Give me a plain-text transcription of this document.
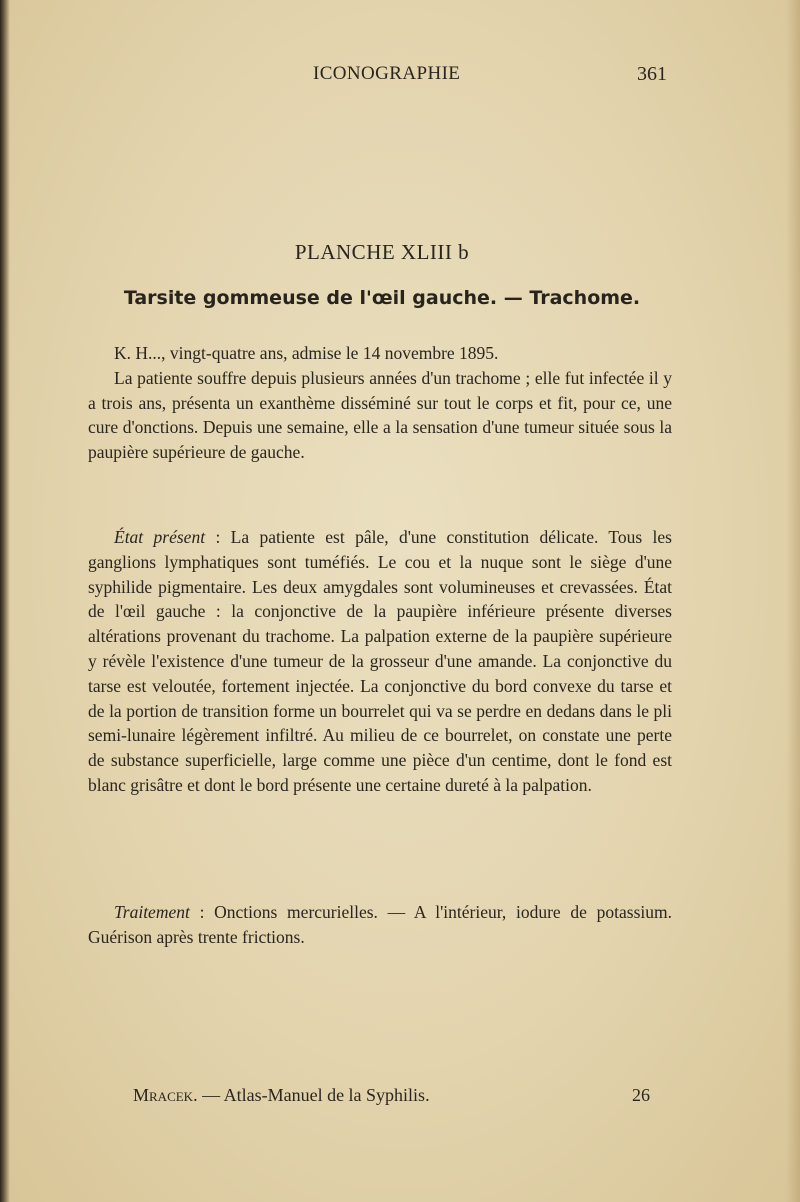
ICONOGRAPHIE	361
PLANCHE XLIII b
Tarsite gommeuse de l'œil gauche. — Trachome.

K. H..., vingt-quatre ans, admise le 14 novembre 1895.

La patiente souffre depuis plusieurs années d'un trachome ; elle fut infectée il y a trois ans, présenta un exanthème disséminé sur tout le corps et fit, pour ce, une cure d'onctions. Depuis une semaine, elle a la sensation d'une tumeur située sous la paupière supérieure de gauche.

État présent : La patiente est pâle, d'une constitution délicate. Tous les ganglions lymphatiques sont tuméfiés. Le cou et la nuque sont le siège d'une syphilide pigmentaire. Les deux amygdales sont volumineuses et crevassées. État de l'œil gauche : la conjonctive de la paupière inférieure présente diverses altérations provenant du trachome. La palpation externe de la paupière supérieure y révèle l'existence d'une tumeur de la grosseur d'une amande. La conjonctive du tarse est veloutée, fortement injectée. La conjonctive du bord convexe du tarse et de la portion de transition forme un bourrelet qui va se perdre en dedans dans le pli semi-lunaire légèrement infiltré. Au milieu de ce bourrelet, on constate une perte de substance superficielle, large comme une pièce d'un centime, dont le fond est blanc grisâtre et dont le bord présente une certaine dureté à la palpation.

Traitement : Onctions mercurielles. — A l'intérieur, iodure de potassium. Guérison après trente frictions.

Mracek. — Atlas-Manuel de la Syphilis.	26
